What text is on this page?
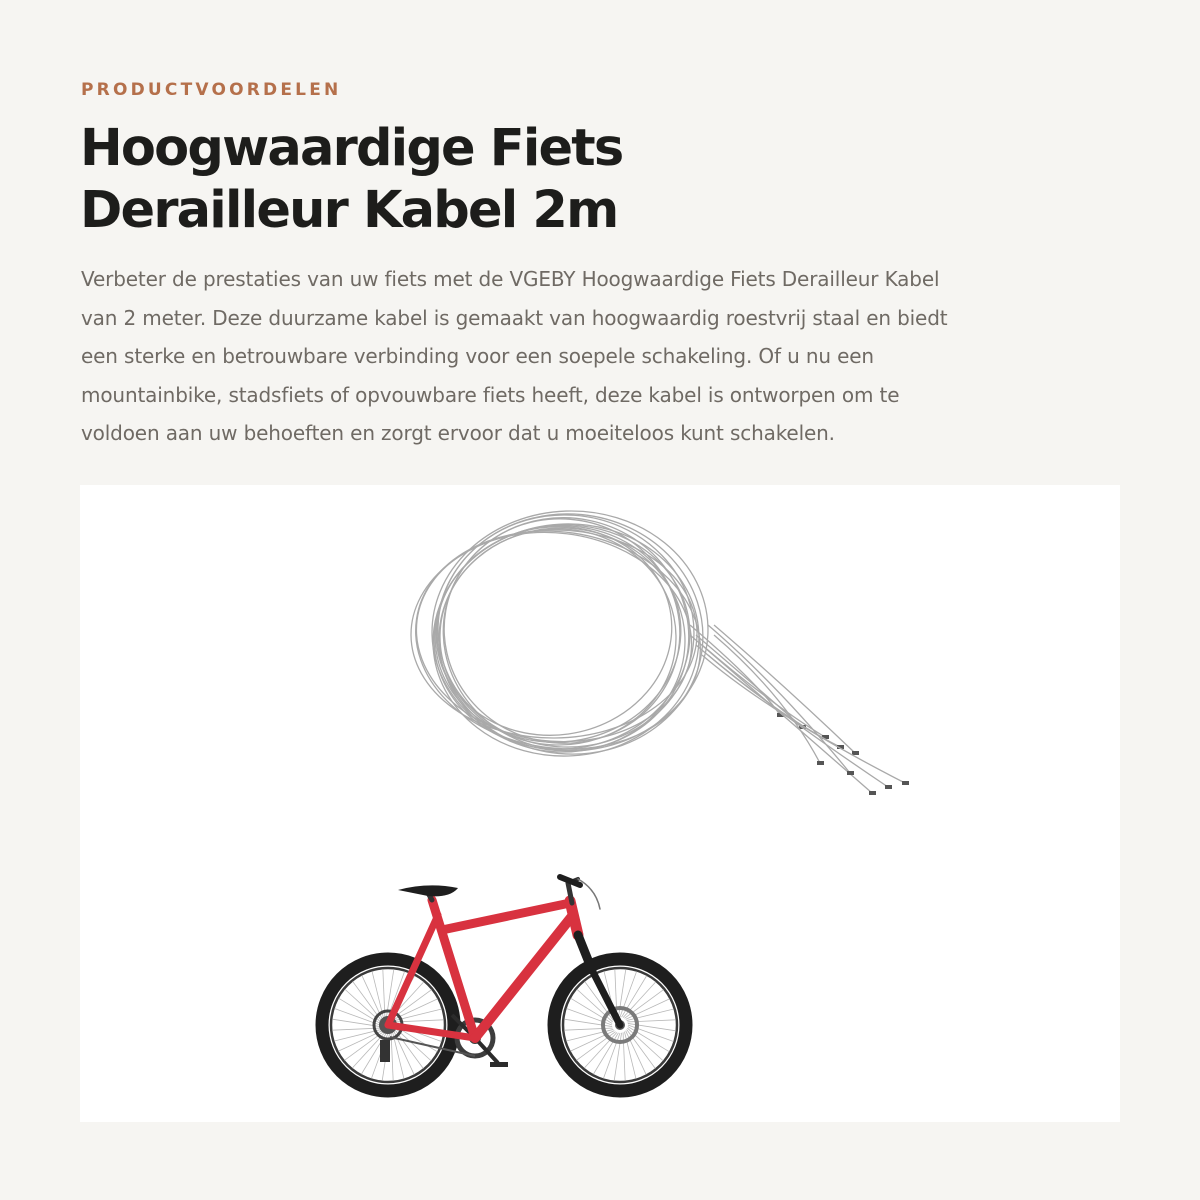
PRODUCTVOORDELEN

Hoogwaardige Fiets
Derailleur Kabel 2m

Verbeter de prestaties van uw fiets met de VGEBY Hoogwaardige Fiets Derailleur Kabel
van 2 meter. Deze duurzame kabel is gemaakt van hoogwaardig roestvrij staal en biedt
een sterke en betrouwbare verbinding voor een soepele schakeling. Of u nu een
mountainbike, stadsfiets of opvouwbare fiets heeft, deze kabel is ontworpen om te
voldoen aan uw behoeften en zorgt ervoor dat u moeiteloos kunt schakelen.
